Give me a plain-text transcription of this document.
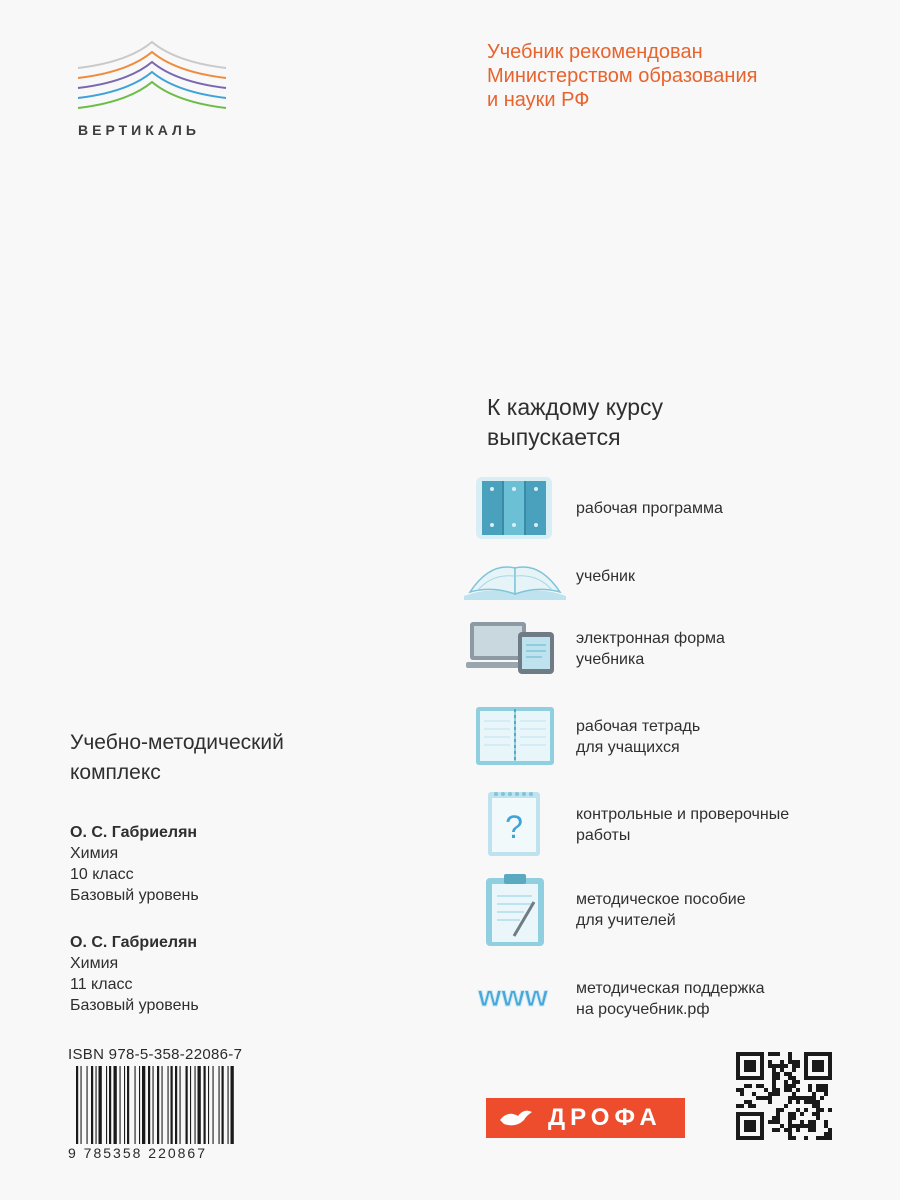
ВЕРТИКАЛЬ
Учебник рекомендован
Министерством образования
и науки РФ
К каждому курсу
выпускается
рабочая программа
учебник
электронная форма
учебника
рабочая тетрадь
для учащихся
?	контрольные и проверочные
работы
методическое пособие
для учителей
www методическая поддержка
на росучебник.рф
Учебно-методический
комплекс
О. С. Габриелян
Химия
10 класс
Базовый уровень
О. С. Габриелян
Химия
11 класс
Базовый уровень
ISBN 978-5-358-22086-7
9 785358 220867
ДРОФА
